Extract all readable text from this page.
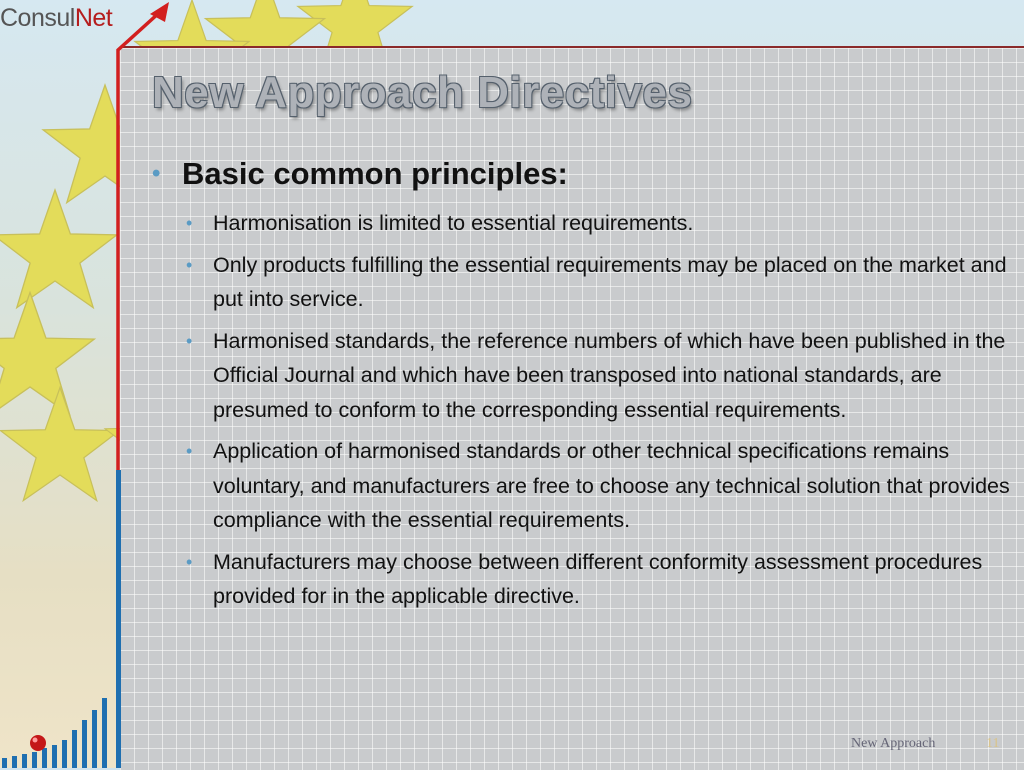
ConsulNet
New Approach Directives
• Basic common principles:
• Harmonisation is limited to essential requirements.
• Only products fulfilling the essential requirements may be placed on the market and put into service.
• Harmonised standards, the reference numbers of which have been published in the Official Journal and which have been transposed into national standards, are presumed to conform to the corresponding essential requirements.
• Application of harmonised standards or other technical specifications remains voluntary, and manufacturers are free to choose any technical solution that provides compliance with the essential requirements.
• Manufacturers may choose between different conformity assessment procedures provided for in the applicable directive.
New Approach	11
